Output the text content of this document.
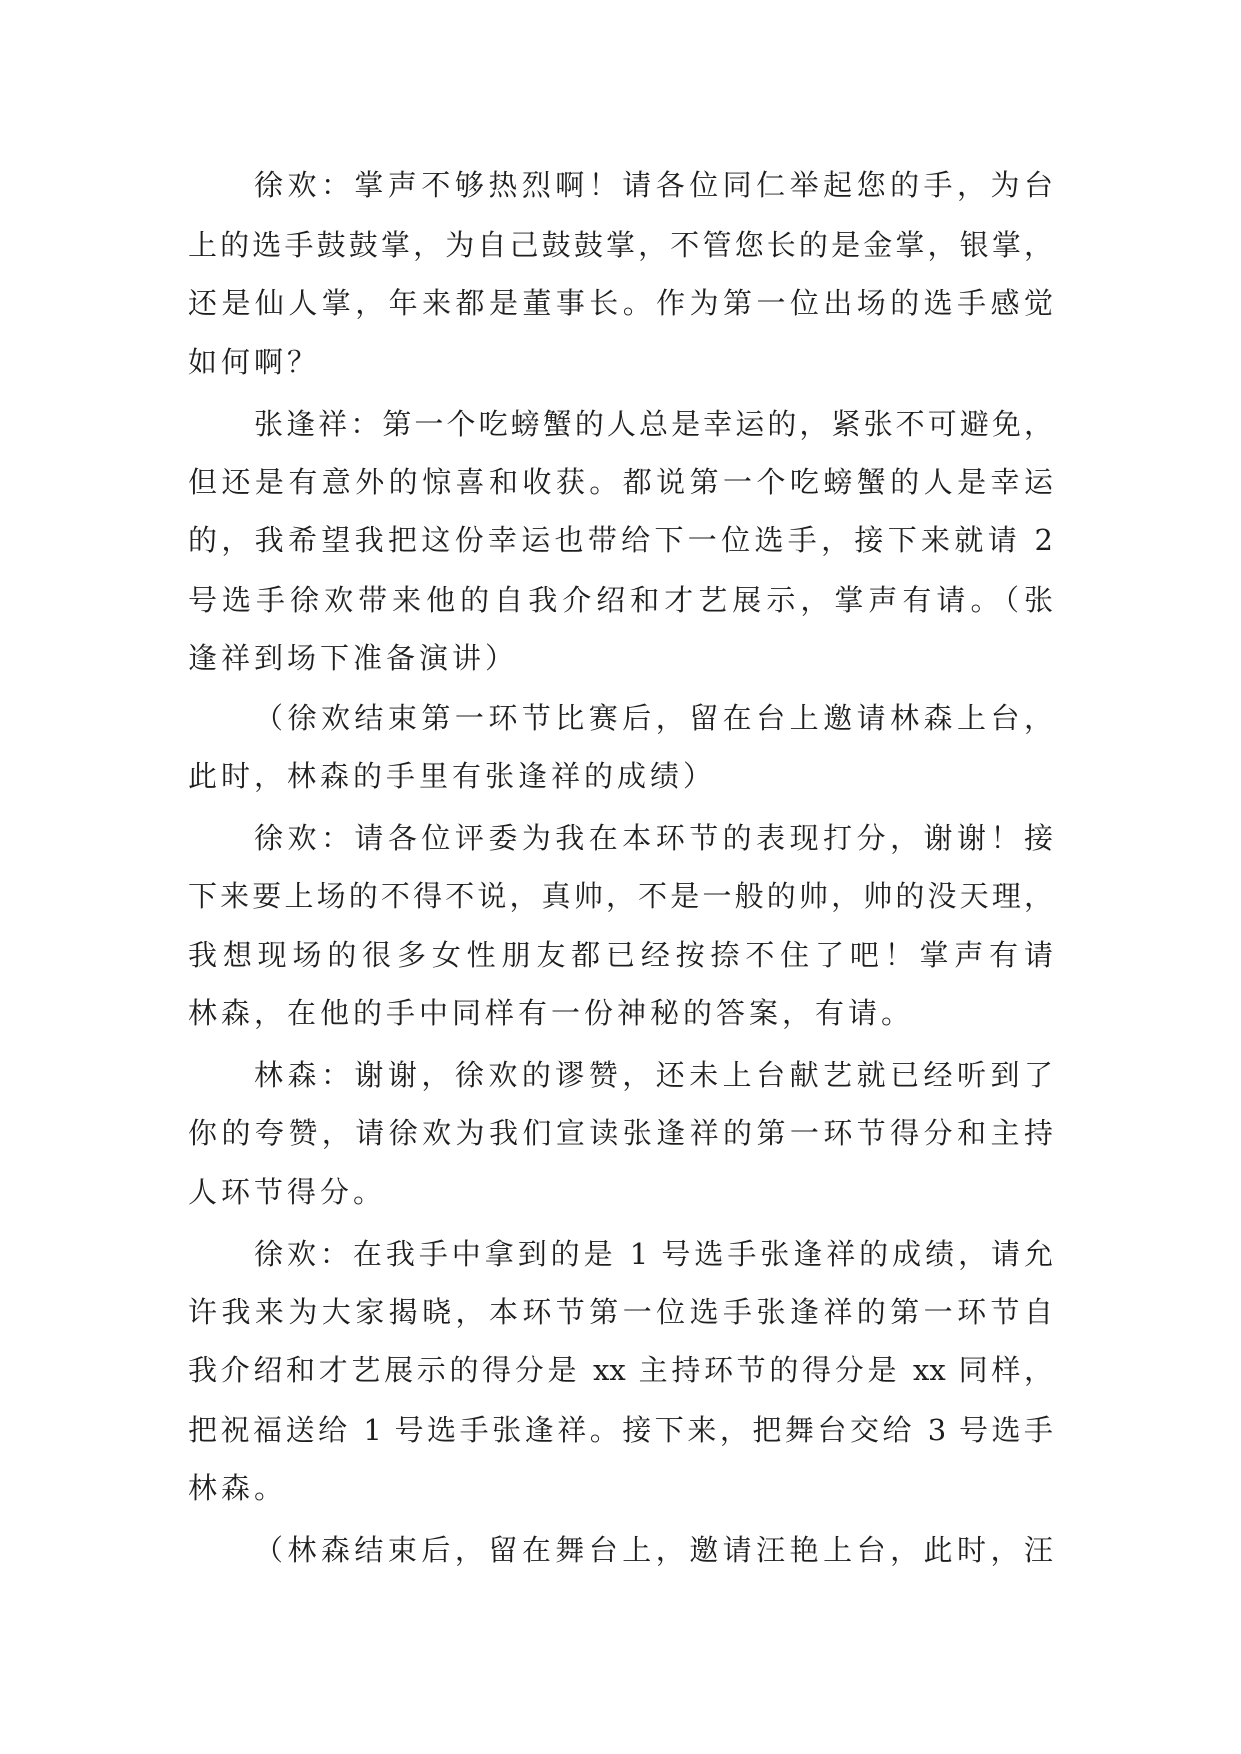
徐欢：掌声不够热烈啊！请各位同仁举起您的手，为台
上的选手鼓鼓掌，为自己鼓鼓掌，不管您长的是金掌，银掌，
还是仙人掌，年来都是董事长。作为第一位出场的选手感觉
如何啊？
张逢祥：第一个吃螃蟹的人总是幸运的，紧张不可避免，
但还是有意外的惊喜和收获。都说第一个吃螃蟹的人是幸运
的，我希望我把这份幸运也带给下一位选手，接下来就请 2
号选手徐欢带来他的自我介绍和才艺展示，掌声有请。（张
逢祥到场下准备演讲）
（徐欢结束第一环节比赛后，留在台上邀请林森上台，
此时，林森的手里有张逢祥的成绩）
徐欢：请各位评委为我在本环节的表现打分，谢谢！接
下来要上场的不得不说，真帅，不是一般的帅，帅的没天理，
我想现场的很多女性朋友都已经按捺不住了吧！掌声有请
林森，在他的手中同样有一份神秘的答案，有请。
林森：谢谢，徐欢的谬赞，还未上台献艺就已经听到了
你的夸赞，请徐欢为我们宣读张逢祥的第一环节得分和主持
人环节得分。
徐欢：在我手中拿到的是 1 号选手张逢祥的成绩，请允
许我来为大家揭晓，本环节第一位选手张逢祥的第一环节自
我介绍和才艺展示的得分是 xx 主持环节的得分是 xx 同样，
把祝福送给 1 号选手张逢祥。接下来，把舞台交给 3 号选手
林森。
（林森结束后，留在舞台上，邀请汪艳上台，此时，汪
